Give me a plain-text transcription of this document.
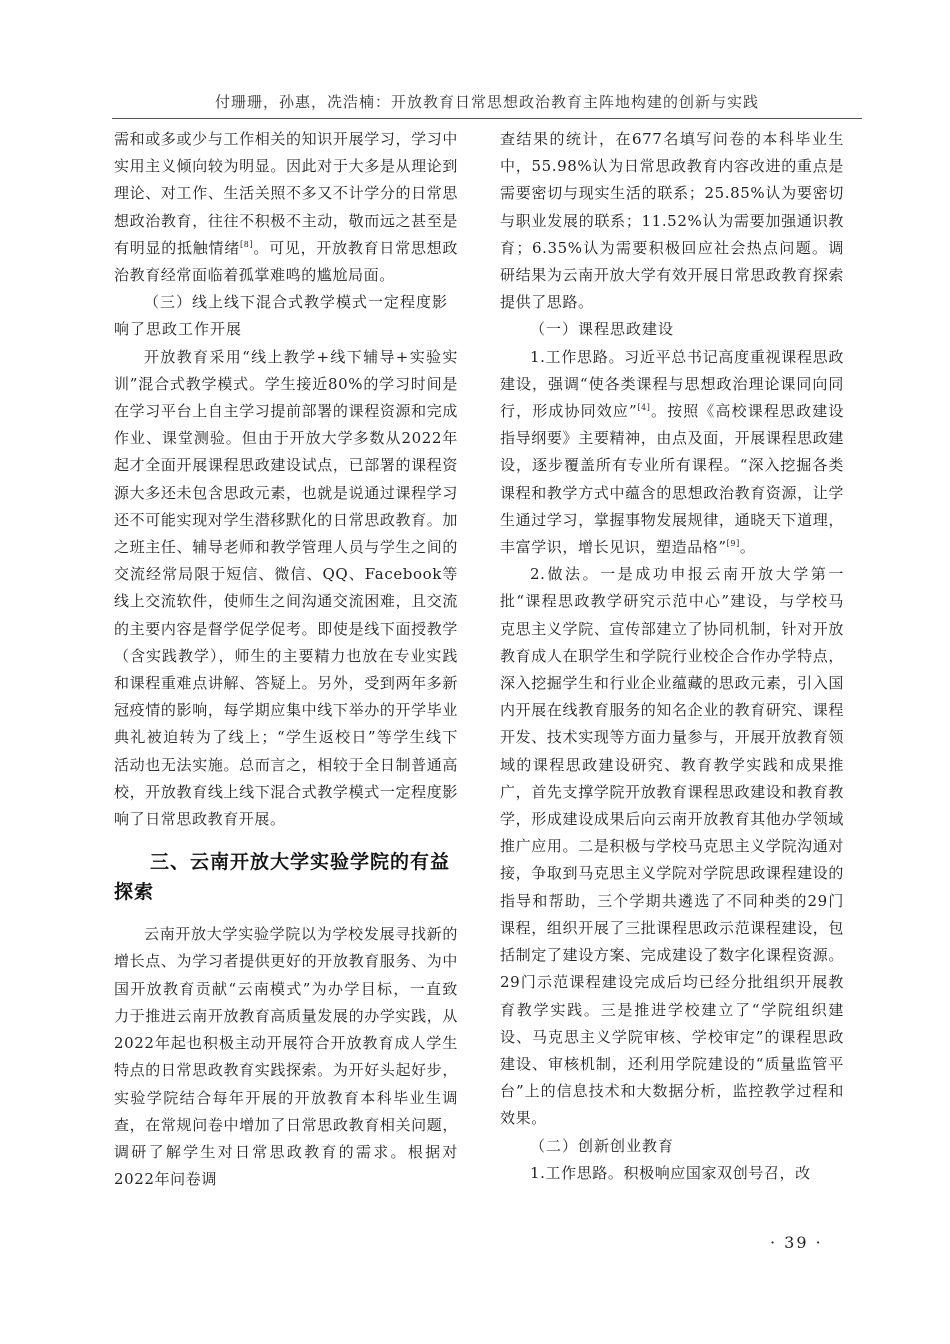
付珊珊，孙惠，冼浩楠：开放教育日常思想政治教育主阵地构建的创新与实践

需和或多或少与工作相关的知识开展学习，学习中实用主义倾向较为明显。因此对于大多是从理论到理论、对工作、生活关照不多又不计学分的日常思想政治教育，往往不积极不主动，敬而远之甚至是有明显的抵触情绪[8]。可见，开放教育日常思想政治教育经常面临着孤掌难鸣的尴尬局面。

（三）线上线下混合式教学模式一定程度影响了思政工作开展

开放教育采用“线上教学+线下辅导+实验实训”混合式教学模式。学生接近80%的学习时间是在学习平台上自主学习提前部署的课程资源和完成作业、课堂测验。但由于开放大学多数从2022年起才全面开展课程思政建设试点，已部署的课程资源大多还未包含思政元素，也就是说通过课程学习还不可能实现对学生潜移默化的日常思政教育。加之班主任、辅导老师和教学管理人员与学生之间的交流经常局限于短信、微信、QQ、Facebook等线上交流软件，使师生之间沟通交流困难，且交流的主要内容是督学促学促考。即使是线下面授教学（含实践教学），师生的主要精力也放在专业实践和课程重难点讲解、答疑上。另外，受到两年多新冠疫情的影响，每学期应集中线下举办的开学毕业典礼被迫转为了线上；“学生返校日”等学生线下活动也无法实施。总而言之，相较于全日制普通高校，开放教育线上线下混合式教学模式一定程度影响了日常思政教育开展。

三、云南开放大学实验学院的有益探索

云南开放大学实验学院以为学校发展寻找新的增长点、为学习者提供更好的开放教育服务、为中国开放教育贡献“云南模式”为办学目标，一直致力于推进云南开放教育高质量发展的办学实践，从2022年起也积极主动开展符合开放教育成人学生特点的日常思政教育实践探索。为开好头起好步，实验学院结合每年开展的开放教育本科毕业生调查，在常规问卷中增加了日常思政教育相关问题，调研了解学生对日常思政教育的需求。根据对2022年问卷调

查结果的统计，在677名填写问卷的本科毕业生中，55.98%认为日常思政教育内容改进的重点是需要密切与现实生活的联系；25.85%认为要密切与职业发展的联系；11.52%认为需要加强通识教育；6.35%认为需要积极回应社会热点问题。调研结果为云南开放大学有效开展日常思政教育探索提供了思路。

（一）课程思政建设

1.工作思路。习近平总书记高度重视课程思政建设，强调“使各类课程与思想政治理论课同向同行，形成协同效应”[4]。按照《高校课程思政建设指导纲要》主要精神，由点及面，开展课程思政建设，逐步覆盖所有专业所有课程。“深入挖掘各类课程和教学方式中蕴含的思想政治教育资源，让学生通过学习，掌握事物发展规律，通晓天下道理，丰富学识，增长见识，塑造品格”[9]。

2.做法。一是成功申报云南开放大学第一批“课程思政教学研究示范中心”建设，与学校马克思主义学院、宣传部建立了协同机制，针对开放教育成人在职学生和学院行业校企合作办学特点，深入挖掘学生和行业企业蕴藏的思政元素，引入国内开展在线教育服务的知名企业的教育研究、课程开发、技术实现等方面力量参与，开展开放教育领域的课程思政建设研究、教育教学实践和成果推广，首先支撑学院开放教育课程思政建设和教育教学，形成建设成果后向云南开放教育其他办学领域推广应用。二是积极与学校马克思主义学院沟通对接，争取到马克思主义学院对学院思政课程建设的指导和帮助，三个学期共遴选了不同种类的29门课程，组织开展了三批课程思政示范课程建设，包括制定了建设方案、完成建设了数字化课程资源。29门示范课程建设完成后均已经分批组织开展教育教学实践。三是推进学校建立了“学院组织建设、马克思主义学院审核、学校审定”的课程思政建设、审核机制，还利用学院建设的“质量监管平台”上的信息技术和大数据分析，监控教学过程和效果。

（二）创新创业教育

1.工作思路。积极响应国家双创号召，改

· 39 ·
